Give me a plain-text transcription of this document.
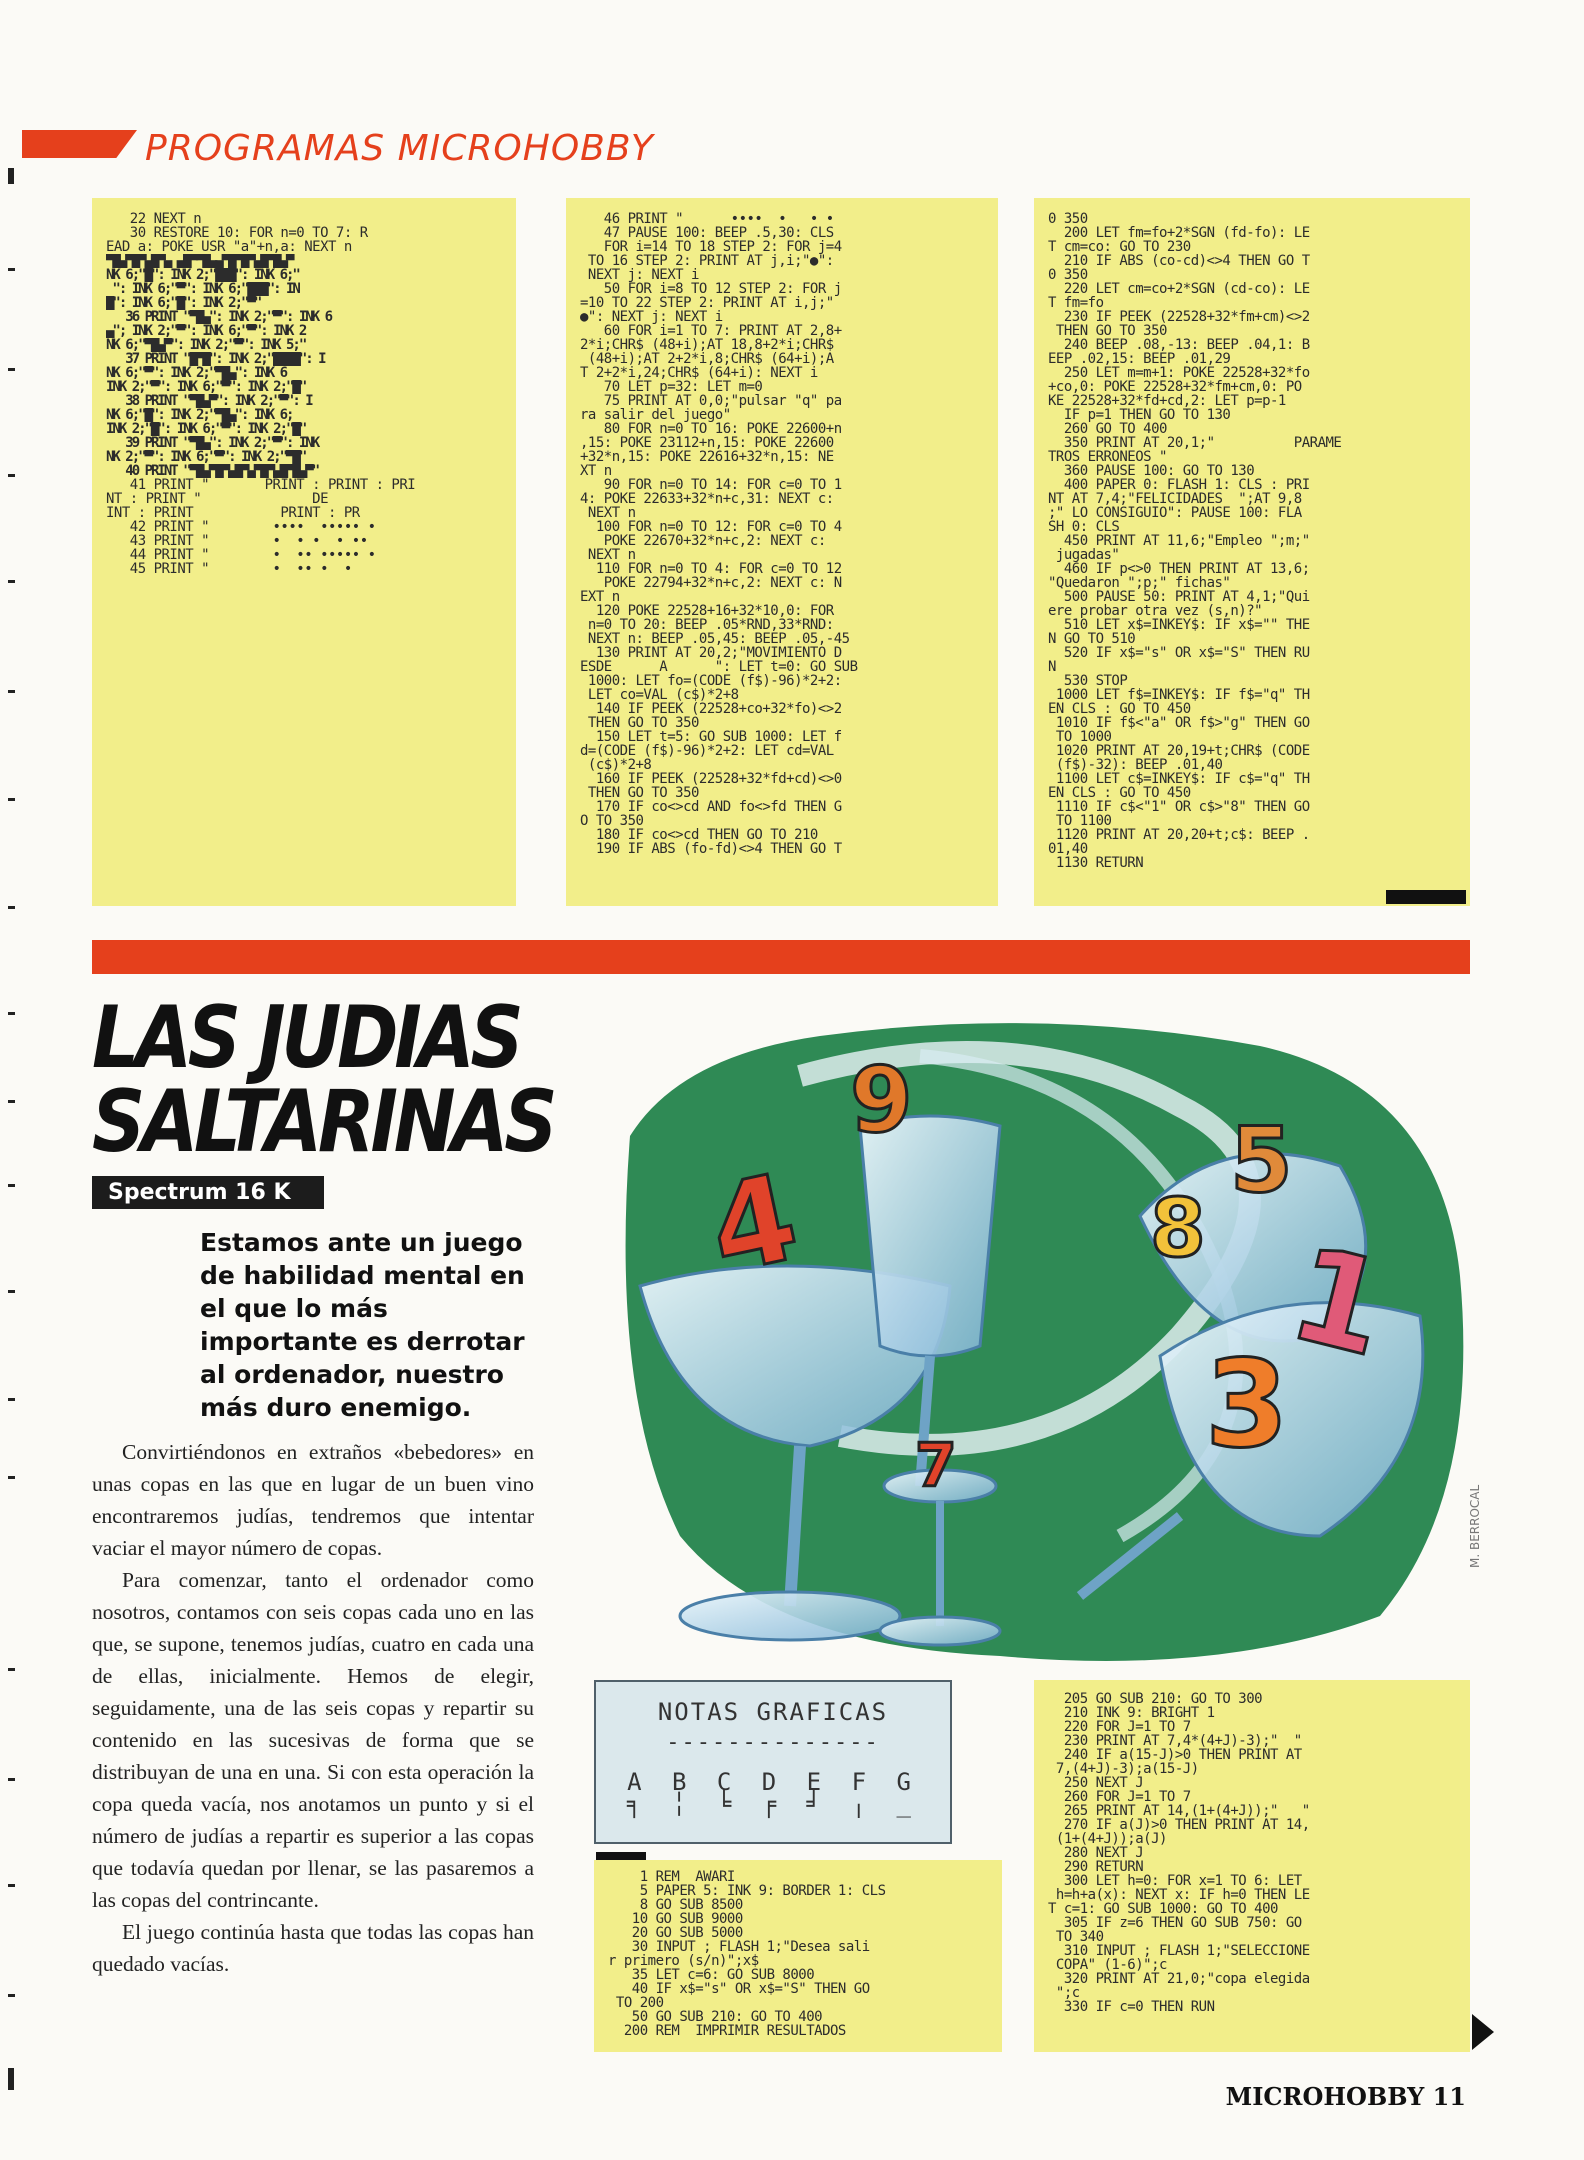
PROGRAMAS MICROHOBBY
22 NEXT n
30 RESTORE 10: FOR n=0 TO 7: R
EAD a: POKE USR "a"+n,a: NEXT n
▀█▄▀█▀▄█▀▄ ▄█▀▀█▄▄▀█▀█▀▄█▀█▄▀
NK 6;"█": INK 2;"███": INK 6;"
": INK 6;"▀": INK 6;"███": IN
█": INK 6;"█": INK 2;"▀"
36 PRINT "▀█▄": INK 2;"▀": INK 6
▄"; INK 2;"▀": INK 6;"▀": INK 2
NK 6;"▀█▄▀": INK 2;"▀": INK 5;"
37 PRINT "█▀█": INK 2;"████": I
NK 6;"▀": INK 2;"▀█▄": INK 6
INK 2;"▀": INK 6;"▀": INK 2;"█"
38 PRINT "▀█▄▀": INK 2;"▀": I
NK 6;"█": INK 2;"▀█▄": INK 6;
INK 2;"█": INK 6;"▀": INK 2;"█"
39 PRINT "▀█▄": INK 2;"▀": INK
NK 2;"▀": INK 6;"▀": INK 2;"▀█"
40 PRINT "▀█▄▀█▀▄█▀▄▀█▀▄█▀█▄▀"
41 PRINT "       PRINT : PRINT : PRI
NT : PRINT "              DE
INT : PRINT           PRINT : PR
42 PRINT "        ••••  ••••• •
43 PRINT "        •  • •  • ••
44 PRINT "        •  •• ••••• •
45 PRINT "        •  •• •  •
46 PRINT "      ••••  •   • •
47 PAUSE 100: BEEP .5,30: CLS
FOR i=14 TO 18 STEP 2: FOR j=4
TO 16 STEP 2: PRINT AT j,i;"●":
NEXT j: NEXT i
50 FOR i=8 TO 12 STEP 2: FOR j
=10 TO 22 STEP 2: PRINT AT i,j;"
●": NEXT j: NEXT i
60 FOR i=1 TO 7: PRINT AT 2,8+
2*i;CHR$ (48+i);AT 18,8+2*i;CHR$
(48+i);AT 2+2*i,8;CHR$ (64+i);A
T 2+2*i,24;CHR$ (64+i): NEXT i
70 LET p=32: LET m=0
75 PRINT AT 0,0;"pulsar "q" pa
ra salir del juego"
80 FOR n=0 TO 16: POKE 22600+n
,15: POKE 23112+n,15: POKE 22600
+32*n,15: POKE 22616+32*n,15: NE
XT n
90 FOR n=0 TO 14: FOR c=0 TO 1
4: POKE 22633+32*n+c,31: NEXT c:
NEXT n
100 FOR n=0 TO 12: FOR c=0 TO 4
POKE 22670+32*n+c,2: NEXT c:
NEXT n
110 FOR n=0 TO 4: FOR c=0 TO 12
POKE 22794+32*n+c,2: NEXT c: N
EXT n
120 POKE 22528+16+32*10,0: FOR
n=0 TO 20: BEEP .05*RND,33*RND:
NEXT n: BEEP .05,45: BEEP .05,-45
130 PRINT AT 20,2;"MOVIMIENTO D
ESDE      A      ": LET t=0: GO SUB
1000: LET fo=(CODE (f$)-96)*2+2:
LET co=VAL (c$)*2+8
140 IF PEEK (22528+co+32*fo)<>2
THEN GO TO 350
150 LET t=5: GO SUB 1000: LET f
d=(CODE (f$)-96)*2+2: LET cd=VAL
(c$)*2+8
160 IF PEEK (22528+32*fd+cd)<>0
THEN GO TO 350
170 IF co<>cd AND fo<>fd THEN G
O TO 350
180 IF co<>cd THEN GO TO 210
190 IF ABS (fo-fd)<>4 THEN GO T
0 350
200 LET fm=fo+2*SGN (fd-fo): LE
T cm=co: GO TO 230
210 IF ABS (co-cd)<>4 THEN GO T
0 350
220 LET cm=co+2*SGN (cd-co): LE
T fm=fo
230 IF PEEK (22528+32*fm+cm)<>2
THEN GO TO 350
240 BEEP .08,-13: BEEP .04,1: B
EEP .02,15: BEEP .01,29
250 LET m=m+1: POKE 22528+32*fo
+co,0: POKE 22528+32*fm+cm,0: PO
KE 22528+32*fd+cd,2: LET p=p-1
IF p=1 THEN GO TO 130
260 GO TO 400
350 PRINT AT 20,1;"          PARAME
TROS ERRONEOS "
360 PAUSE 100: GO TO 130
400 PAPER 0: FLASH 1: CLS : PRI
NT AT 7,4;"FELICIDADES  ";AT 9,8
;" LO CONSIGUIO": PAUSE 100: FLA
SH 0: CLS
450 PRINT AT 11,6;"Empleo ";m;"
jugadas"
460 IF p<>0 THEN PRINT AT 13,6;
"Quedaron ";p;" fichas"
500 PAUSE 50: PRINT AT 4,1;"Qui
ere probar otra vez (s,n)?"
510 LET x$=INKEY$: IF x$="" THE
N GO TO 510
520 IF x$="s" OR x$="S" THEN RU
N
530 STOP
1000 LET f$=INKEY$: IF f$="q" TH
EN CLS : GO TO 450
1010 IF f$<"a" OR f$>"g" THEN GO
TO 1000
1020 PRINT AT 20,19+t;CHR$ (CODE
(f$)-32): BEEP .01,40
1100 LET c$=INKEY$: IF c$="q" TH
EN CLS : GO TO 450
1110 IF c$<"1" OR c$>"8" THEN GO
TO 1100
1120 PRINT AT 20,20+t;c$: BEEP .
01,40
1130 RETURN
LAS JUDIAS
SALTARINAS
Spectrum 16 K

Estamos ante un juego de habilidad mental en el que lo más importante es derrotar al ordenador, nuestro más duro enemigo.

Convirtiéndonos en extraños «bebedores» en unas copas en las que en lugar de un buen vino encontraremos judías, tendremos que intentar vaciar el mayor número de copas.

Para comenzar, tanto el ordenador como nosotros, contamos con seis copas cada uno en las que, se supone, tenemos judías, cuatro en cada una de ellas, inicialmente. Hemos de elegir, seguidamente, una de las seis copas y repartir su contenido en las sucesivas de forma que se distribuyan de una en una. Si con esta operación la copa queda vacía, nos anotamos un punto y si el número de judías a repartir es superior a las copas que todavía quedan por llenar, se las pasaremos a las copas del contrincante.

El juego continúa hasta que todas las copas han quedado vacías.

4
9
5
8 1
3
7
M. BERROCAL
NOTAS GRAFICAS
--------------
A B C D E F G
╕ ╎ ╘ ╒ ╛ ╷ _
1 REM  AWARI
5 PAPER 5: INK 9: BORDER 1: CLS
8 GO SUB 8500
10 GO SUB 9000
20 GO SUB 5000
30 INPUT ; FLASH 1;"Desea sali
r primero (s/n)";x$
35 LET c=6: GO SUB 8000
40 IF x$="s" OR x$="S" THEN GO
TO 200
50 GO SUB 210: GO TO 400
200 REM  IMPRIMIR RESULTADOS
205 GO SUB 210: GO TO 300
210 INK 9: BRIGHT 1
220 FOR J=1 TO 7
230 PRINT AT 7,4*(4+J)-3);"  "
240 IF a(15-J)>0 THEN PRINT AT
7,(4+J)-3);a(15-J)
250 NEXT J
260 FOR J=1 TO 7
265 PRINT AT 14,(1+(4+J));"   "
270 IF a(J)>0 THEN PRINT AT 14,
(1+(4+J));a(J)
280 NEXT J
290 RETURN
300 LET h=0: FOR x=1 TO 6: LET
h=h+a(x): NEXT x: IF h=0 THEN LE
T c=1: GO SUB 1000: GO TO 400
305 IF z=6 THEN GO SUB 750: GO
TO 340
310 INPUT ; FLASH 1;"SELECCIONE
COPA" (1-6)";c
320 PRINT AT 21,0;"copa elegida
";c
330 IF c=0 THEN RUN
MICROHOBBY 11
